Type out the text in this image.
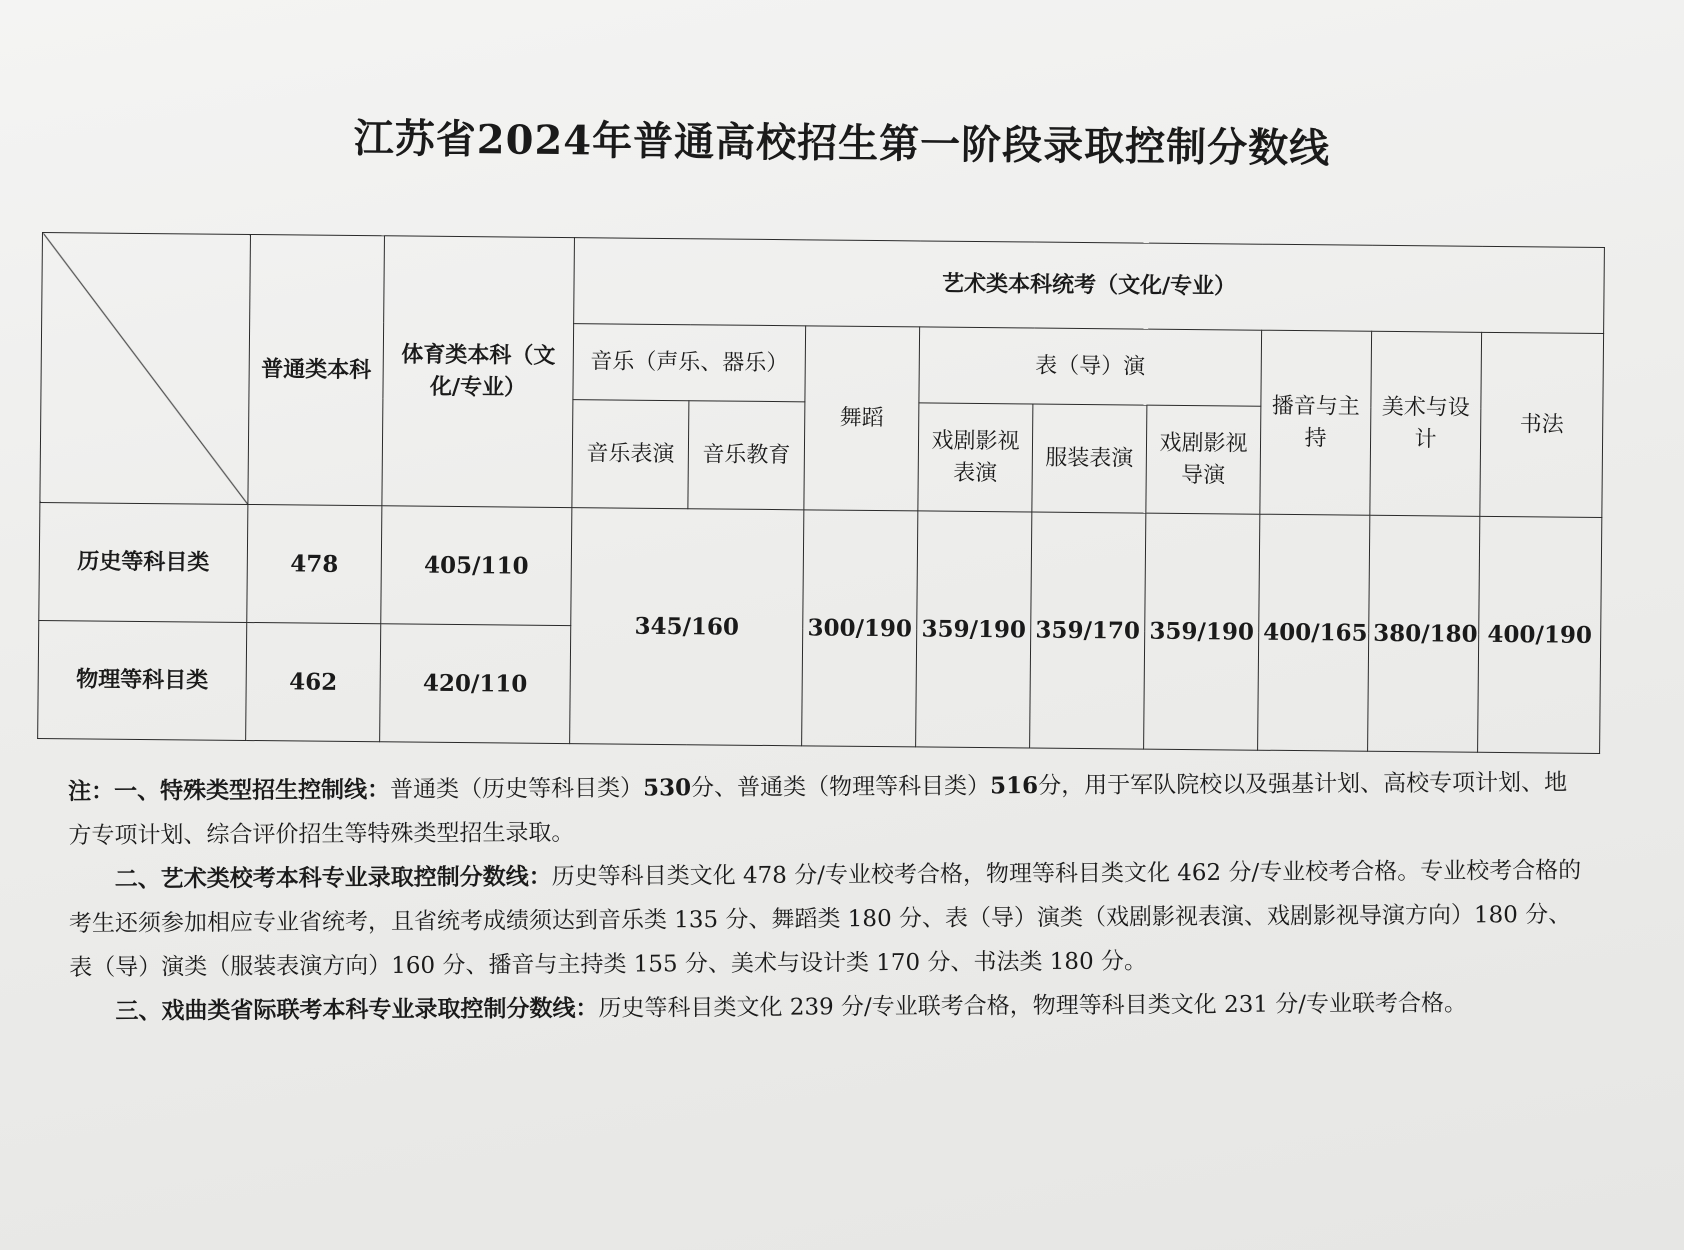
江苏省2024年普通高校招生第一阶段录取控制分数线
	普通类本科	体育类本科（文化/专业）	艺术类本科统考（文化/专业）								
			音乐（声乐、器乐）		舞蹈	表（导）演			播音与主持	美术与设计	书法
			音乐表演	音乐教育		戏剧影视表演	服装表演	戏剧影视导演			
历史等科目类	478	405/110	345/160		300/190	359/190	359/170	359/190	400/165	380/180	400/190
物理等科目类	462	420/110									

注：一、特殊类型招生控制线：普通类（历史等科目类）530分、普通类（物理等科目类）516分，用于军队院校以及强基计划、高校专项计划、地方专项计划、综合评价招生等特殊类型招生录取。

二、艺术类校考本科专业录取控制分数线：历史等科目类文化 478 分/专业校考合格，物理等科目类文化 462 分/专业校考合格。专业校考合格的考生还须参加相应专业省统考，且省统考成绩须达到音乐类 135 分、舞蹈类 180 分、表（导）演类（戏剧影视表演、戏剧影视导演方向）180 分、表（导）演类（服装表演方向）160 分、播音与主持类 155 分、美术与设计类 170 分、书法类 180 分。

三、戏曲类省际联考本科专业录取控制分数线：历史等科目类文化 239 分/专业联考合格，物理等科目类文化 231 分/专业联考合格。
